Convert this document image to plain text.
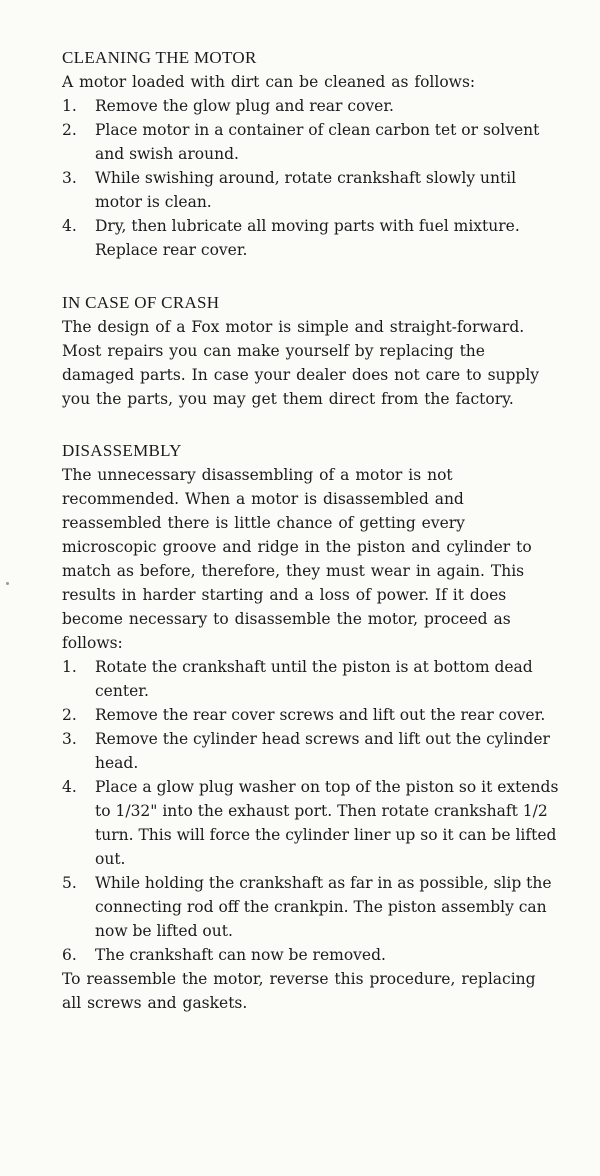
CLEANING THE MOTOR

A motor loaded with dirt can be cleaned as follows:

1.	Remove the glow plug and rear cover.
2.	Place motor in a container of clean carbon tet or solvent and swish around.
3.	While swishing around, rotate crankshaft slowly until motor is clean.
4.	Dry, then lubricate all moving parts with fuel mixture. Replace rear cover.
IN CASE OF CRASH

The design of a Fox motor is simple and straight-forward. Most repairs you can make yourself by replacing the damaged parts. In case your dealer does not care to supply you the parts, you may get them direct from the factory.

DISASSEMBLY

The unnecessary disassembling of a motor is not recommended. When a motor is disassembled and reassembled there is little chance of getting every microscopic groove and ridge in the piston and cylinder to match as before, therefore, they must wear in again. This results in harder starting and a loss of power. If it does become necessary to disassemble the motor, proceed as follows:

1.	Rotate the crankshaft until the piston is at bottom dead center.
2.	Remove the rear cover screws and lift out the rear cover.
3.	Remove the cylinder head screws and lift out the cylinder head.
4.	Place a glow plug washer on top of the piston so it extends to 1/32" into the exhaust port. Then rotate crankshaft 1/2 turn. This will force the cylinder liner up so it can be lifted out.
5.	While holding the crankshaft as far in as possible, slip the connecting rod off the crankpin. The piston assembly can now be lifted out.
6.	The crankshaft can now be removed.

To reassemble the motor, reverse this procedure, replacing all screws and gaskets.
